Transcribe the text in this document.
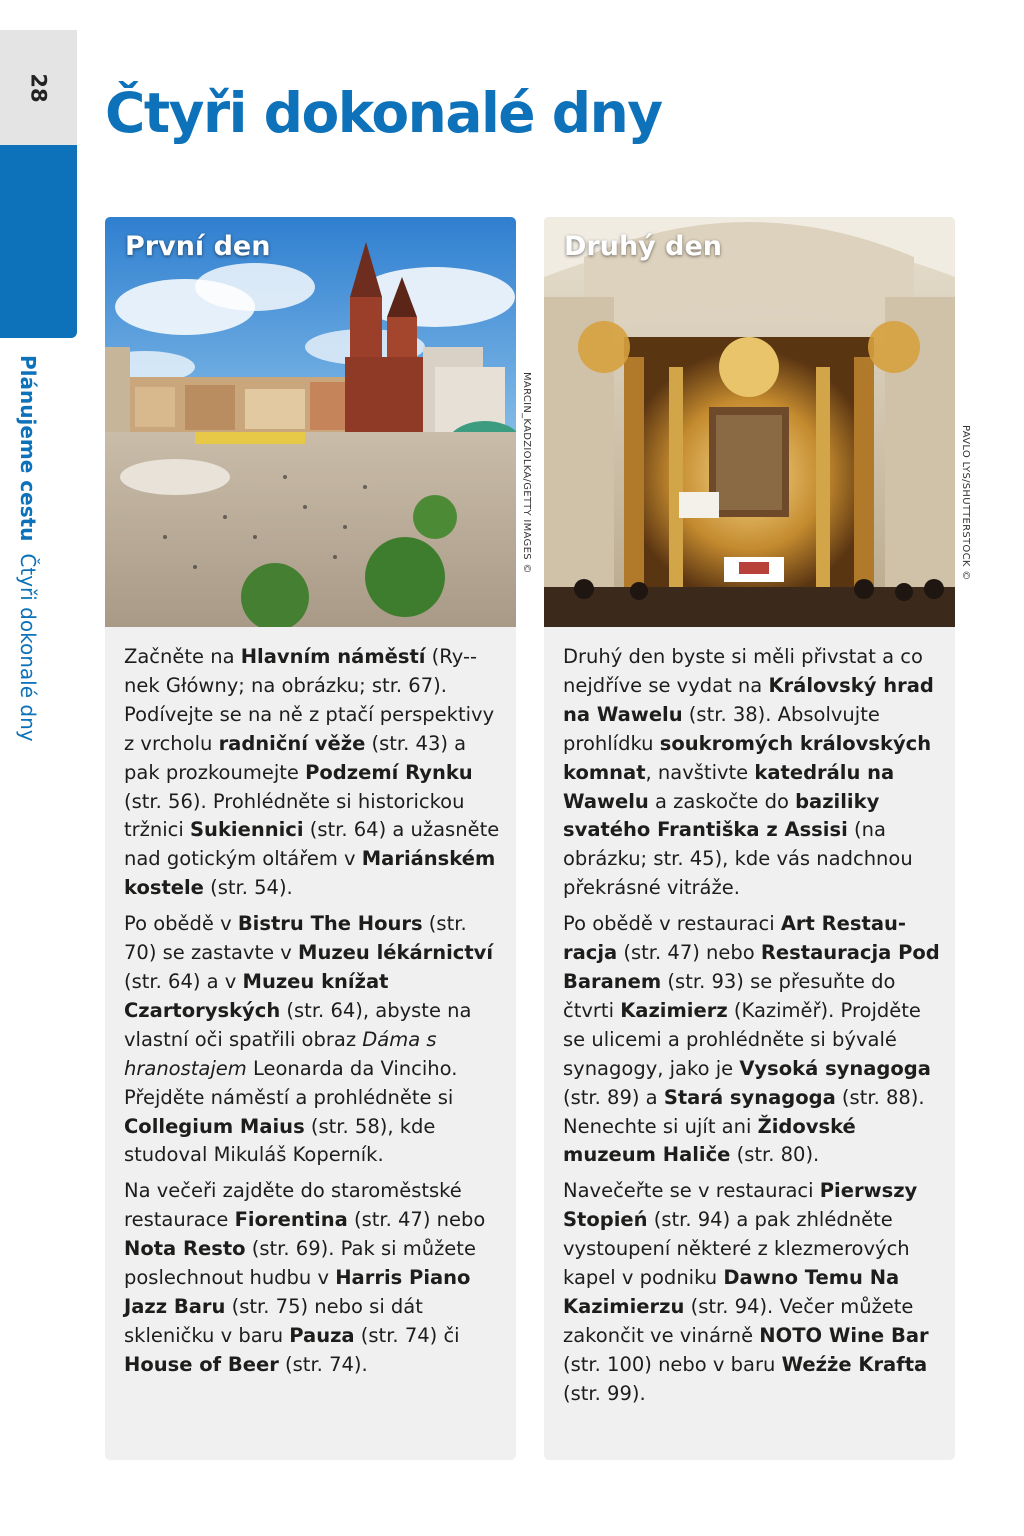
28
Plánujeme cestuČtyři dokonalé dny
Čtyři dokonalé dny
První den

Začněte na Hlavním náměstí (Ry-nek Główny; na obrázku; str. 67). Podívejte se na ně z ptačí perspektivy z vrcholu radniční věže (str. 43) a pak prozkoumejte Podzemí Rynku (str. 56). Prohlédněte si historickou tržnici Sukiennici (str. 64) a užasněte nad gotickým oltářem v Mariánském kostele (str. 54).

Po obědě v Bistru The Hours (str. 70) se zastavte v Muzeu lékárnictví (str. 64) a v Muzeu knížat Czartoryských (str. 64), abyste na vlastní oči spatřili obraz Dáma s hranostajem Leonarda da Vinciho. Přejděte náměstí a prohlédněte si Collegium Maius (str. 58), kde studoval Mikuláš Koperník.

Na večeři zajděte do staroměstské restaurace Fiorentina (str. 47) nebo Nota Resto (str. 69). Pak si můžete poslechnout hudbu v Harris Piano Jazz Baru (str. 75) nebo si dát skleničku v baru Pauza (str. 74) či House of Beer (str. 74).

MARCIN_KADZIOLKA/GETTY IMAGES ©
Druhý den

Druhý den byste si měli přivstat a co nejdříve se vydat na Královský hrad na Wawelu (str. 38). Absolvujte prohlídku soukromých královských komnat, navštivte katedrálu na Wawelu a zaskočte do baziliky svatého Františka z Assisi (na obrázku; str. 45), kde vás nadchnou překrásné vitráže.

Po obědě v restauraci Art Restauracja (str. 47) nebo Restauracja Pod Baranem (str. 93) se přesuňte do čtvrti Kazimierz (Kaziměř). Projděte se ulicemi a prohlédněte si bývalé synagogy, jako je Vysoká synagoga (str. 89) a Stará synagoga (str. 88). Nenechte si ujít ani Židovské muzeum Haliče (str. 80).

Navečeřte se v restauraci Pierwszy Stopień (str. 94) a pak zhlédněte vystoupení některé z klezmerových kapel v podniku Dawno Temu Na Kazimierzu (str. 94). Večer můžete zakončit ve vinárně NOTO Wine Bar (str. 100) nebo v baru Weźże Krafta (str. 99).

PAVLO LYS/SHUTTERSTOCK ©
